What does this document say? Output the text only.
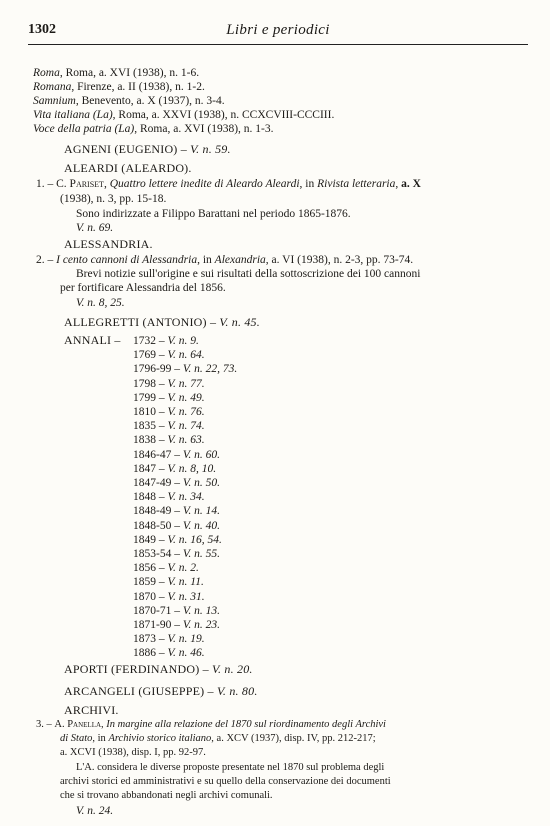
1302	Libri e periodici
Roma, Roma, a. XVI (1938), n. 1-6.
Romana, Firenze, a. II (1938), n. 1-2.
Samnium, Benevento, a. X (1937), n. 3-4.
Vita italiana (La), Roma, a. XXVI (1938), n. CCXCVIII-CCCIII.
Voce della patria (La), Roma, a. XVI (1938), n. 1-3.
AGNENI (EUGENIO) – V. n. 59.
ALEARDI (ALEARDO).
1. – C. Pariset, Quattro lettere inedite di Aleardo Aleardi, in Rivista letteraria, a. X
(1938), n. 3, pp. 15-18.
Sono indirizzate a Filippo Barattani nel periodo 1865-1876.
V. n. 69.
ALESSANDRIA.
2. – I cento cannoni di Alessandria, in Alexandria, a. VI (1938), n. 2-3, pp. 73-74.
Brevi notizie sull'origine e sui risultati della sottoscrizione dei 100 cannoni
per fortificare Alessandria del 1856.
V. n. 8, 25.
ALLEGRETTI (ANTONIO) – V. n. 45.
ANNALI – 1732 – V. n. 9.
1769 – V. n. 64.
1796-99 – V. n. 22, 73.
1798 – V. n. 77.
1799 – V. n. 49.
1810 – V. n. 76.
1835 – V. n. 74.
1838 – V. n. 63.
1846-47 – V. n. 60.
1847 – V. n. 8, 10.
1847-49 – V. n. 50.
1848 – V. n. 34.
1848-49 – V. n. 14.
1848-50 – V. n. 40.
1849 – V. n. 16, 54.
1853-54 – V. n. 55.
1856 – V. n. 2.
1859 – V. n. 11.
1870 – V. n. 31.
1870-71 – V. n. 13.
1871-90 – V. n. 23.
1873 – V. n. 19.
1886 – V. n. 46.
APORTI (FERDINANDO) – V. n. 20.
ARCANGELI (GIUSEPPE) – V. n. 80.
ARCHIVI.
3. – A. Panella, In margine alla relazione del 1870 sul riordinamento degli Archivi
di Stato, in Archivio storico italiano, a. XCV (1937), disp. IV, pp. 212-217;
a. XCVI (1938), disp. I, pp. 92-97.
L'A. considera le diverse proposte presentate nel 1870 sul problema degli
archivi storici ed amministrativi e su quello della conservazione dei documenti
che si trovano abbandonati negli archivi comunali.
V. n. 24.
